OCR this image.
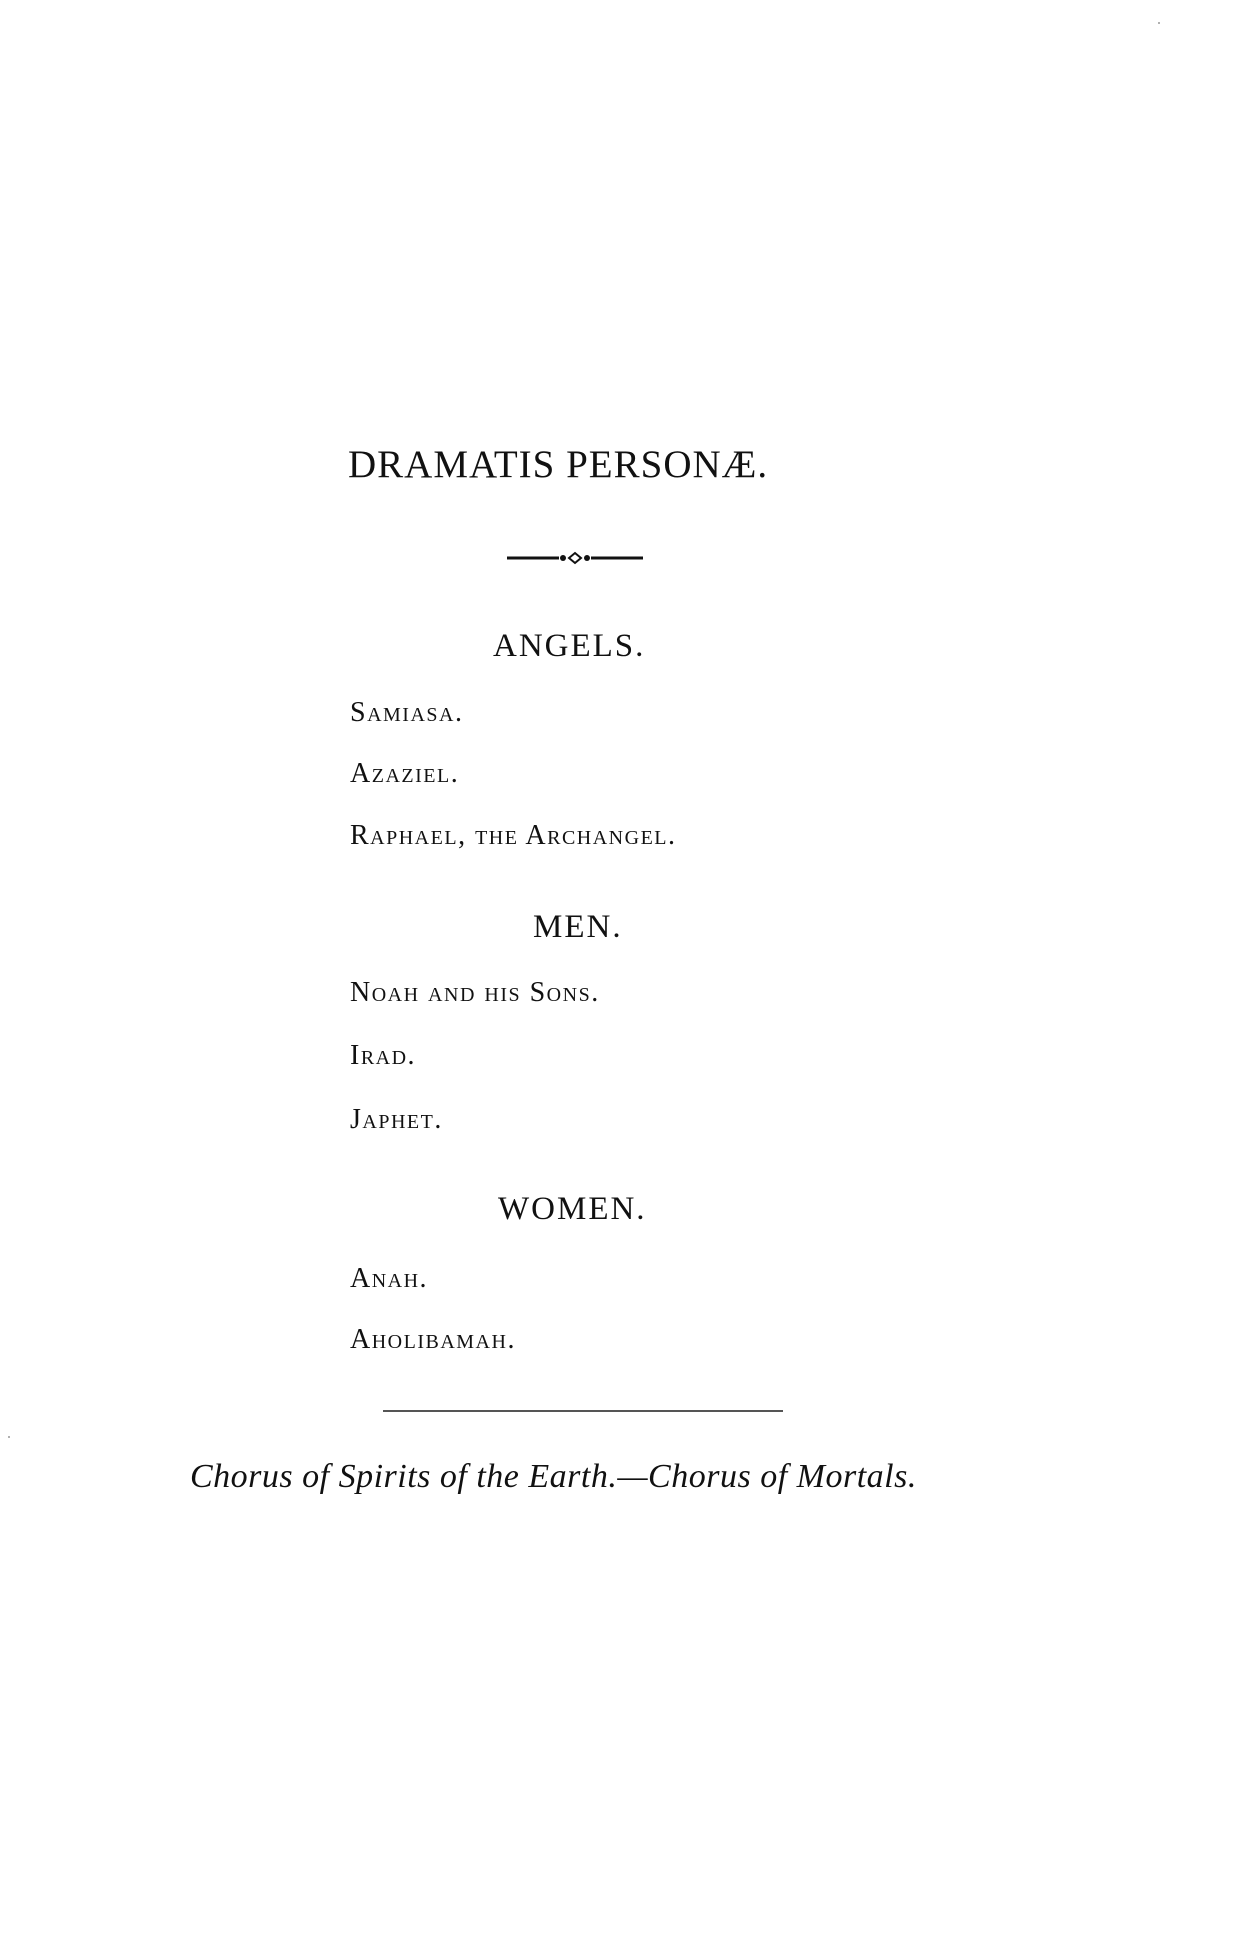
DRAMATIS PERSONÆ.
ANGELS.
Samiasa.
Azaziel.
Raphael, the Archangel.
MEN.
Noah and his Sons.
Irad.
Japhet.
WOMEN.
Anah.
Aholibamah.
Chorus of Spirits of the Earth.—Chorus of Mortals.
